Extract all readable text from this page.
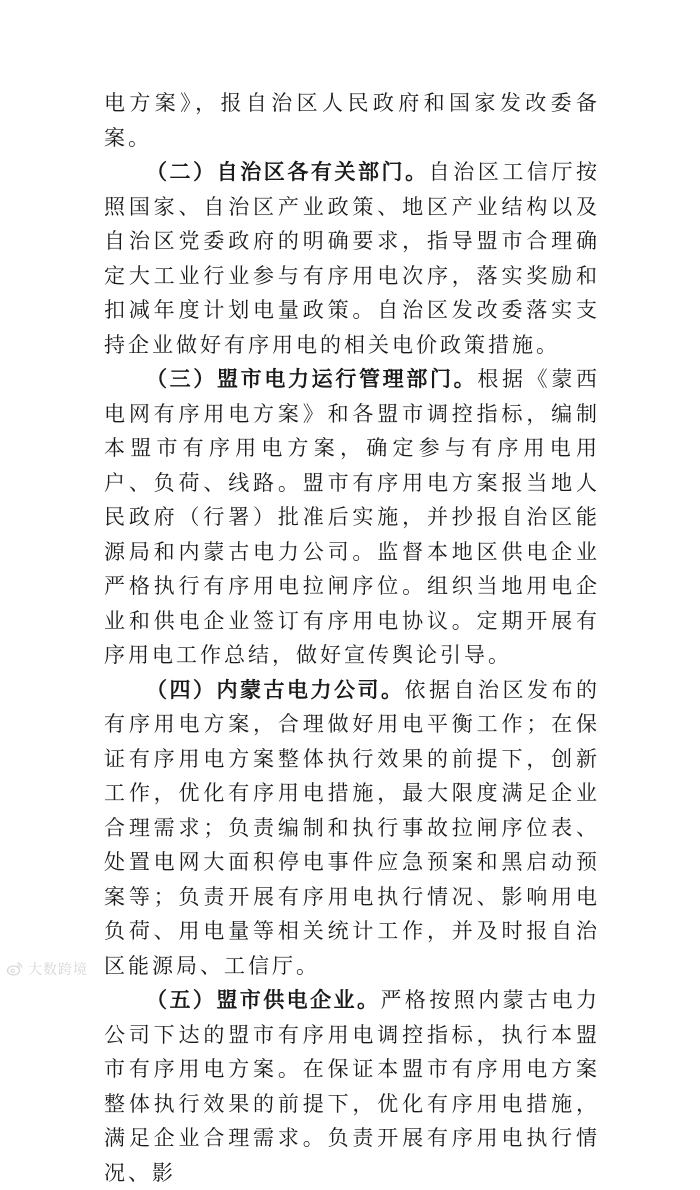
电方案》，报自治区人民政府和国家发改委备案。

（二）自治区各有关部门。自治区工信厅按照国家、自治区产业政策、地区产业结构以及自治区党委政府的明确要求，指导盟市合理确定大工业行业参与有序用电次序，落实奖励和扣减年度计划电量政策。自治区发改委落实支持企业做好有序用电的相关电价政策措施。

（三）盟市电力运行管理部门。根据《蒙西电网有序用电方案》和各盟市调控指标，编制本盟市有序用电方案，确定参与有序用电用户、负荷、线路。盟市有序用电方案报当地人民政府（行署）批准后实施，并抄报自治区能源局和内蒙古电力公司。监督本地区供电企业严格执行有序用电拉闸序位。组织当地用电企业和供电企业签订有序用电协议。定期开展有序用电工作总结，做好宣传舆论引导。

（四）内蒙古电力公司。依据自治区发布的有序用电方案，合理做好用电平衡工作；在保证有序用电方案整体执行效果的前提下，创新工作，优化有序用电措施，最大限度满足企业合理需求；负责编制和执行事故拉闸序位表、处置电网大面积停电事件应急预案和黑启动预案等；负责开展有序用电执行情况、影响用电负荷、用电量等相关统计工作，并及时报自治区能源局、工信厅。

（五）盟市供电企业。严格按照内蒙古电力公司下达的盟市有序用电调控指标，执行本盟市有序用电方案。在保证本盟市有序用电方案整体执行效果的前提下，优化有序用电措施，满足企业合理需求。负责开展有序用电执行情况、影

大数跨境
